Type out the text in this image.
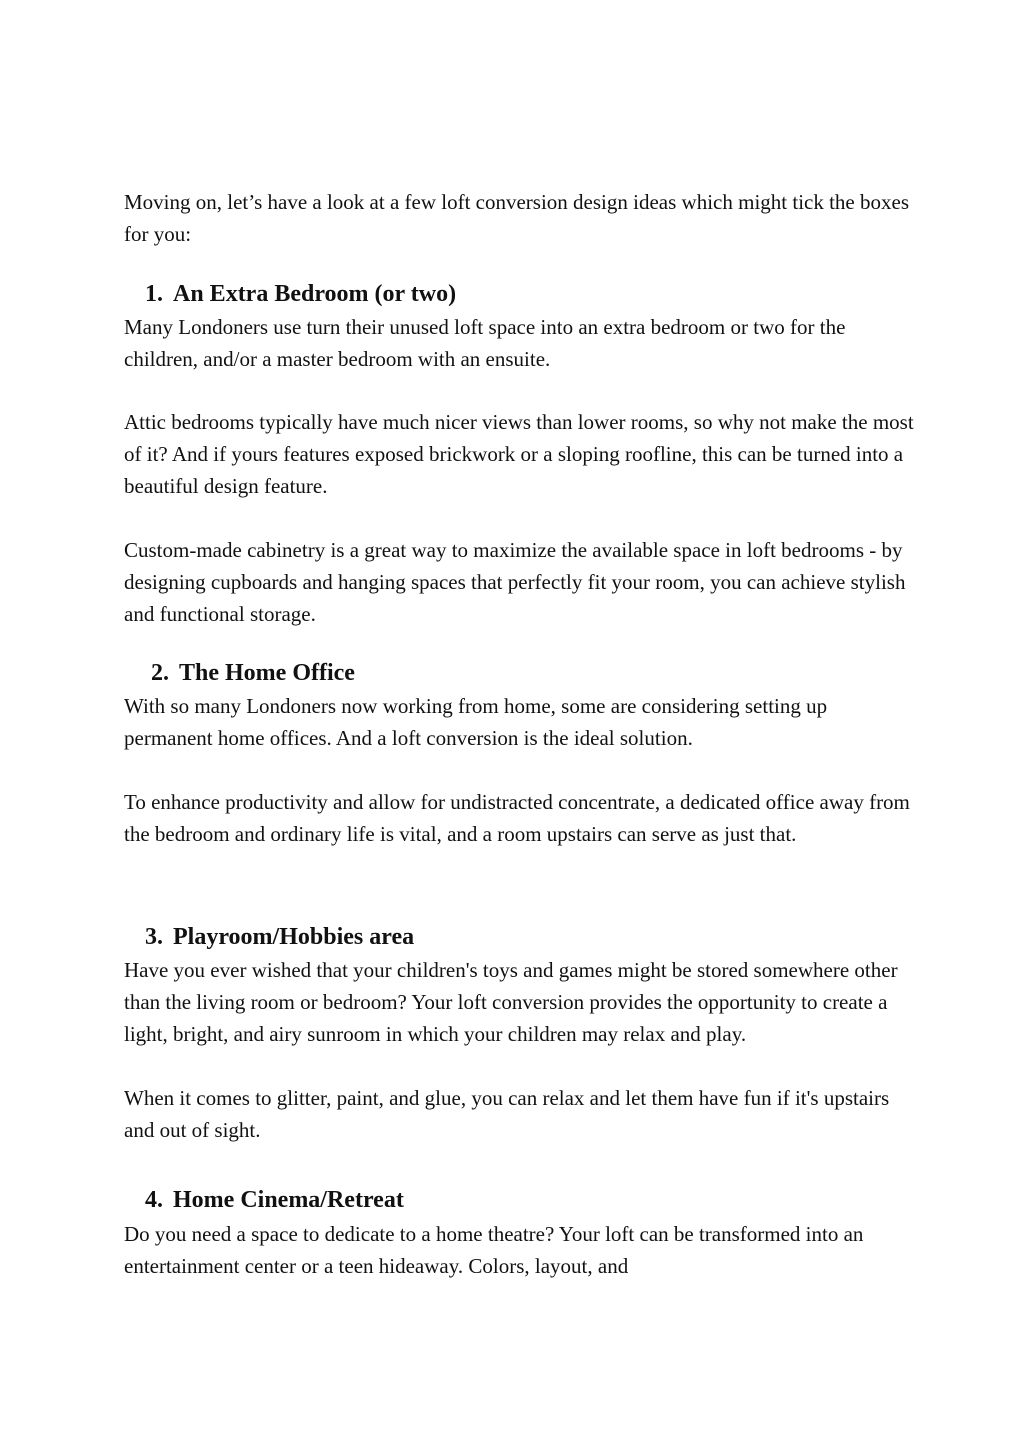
Moving on, let’s have a look at a few loft conversion design ideas which might tick the boxes for you:

1. An Extra Bedroom (or two)

Many Londoners use turn their unused loft space into an extra bedroom or two for the children, and/or a master bedroom with an ensuite.

Attic bedrooms typically have much nicer views than lower rooms, so why not make the most of it? And if yours features exposed brickwork or a sloping roofline, this can be turned into a beautiful design feature.

Custom-made cabinetry is a great way to maximize the available space in loft bedrooms - by designing cupboards and hanging spaces that perfectly fit your room, you can achieve stylish and functional storage.

2. The Home Office

With so many Londoners now working from home, some are considering setting up permanent home offices. And a loft conversion is the ideal solution.

To enhance productivity and allow for undistracted concentrate, a dedicated office away from the bedroom and ordinary life is vital, and a room upstairs can serve as just that.

3. Playroom/Hobbies area

Have you ever wished that your children's toys and games might be stored somewhere other than the living room or bedroom? Your loft conversion provides the opportunity to create a light, bright, and airy sunroom in which your children may relax and play.

When it comes to glitter, paint, and glue, you can relax and let them have fun if it's upstairs and out of sight.

4. Home Cinema/Retreat

Do you need a space to dedicate to a home theatre? Your loft can be transformed into an entertainment center or a teen hideaway. Colors, layout, and
